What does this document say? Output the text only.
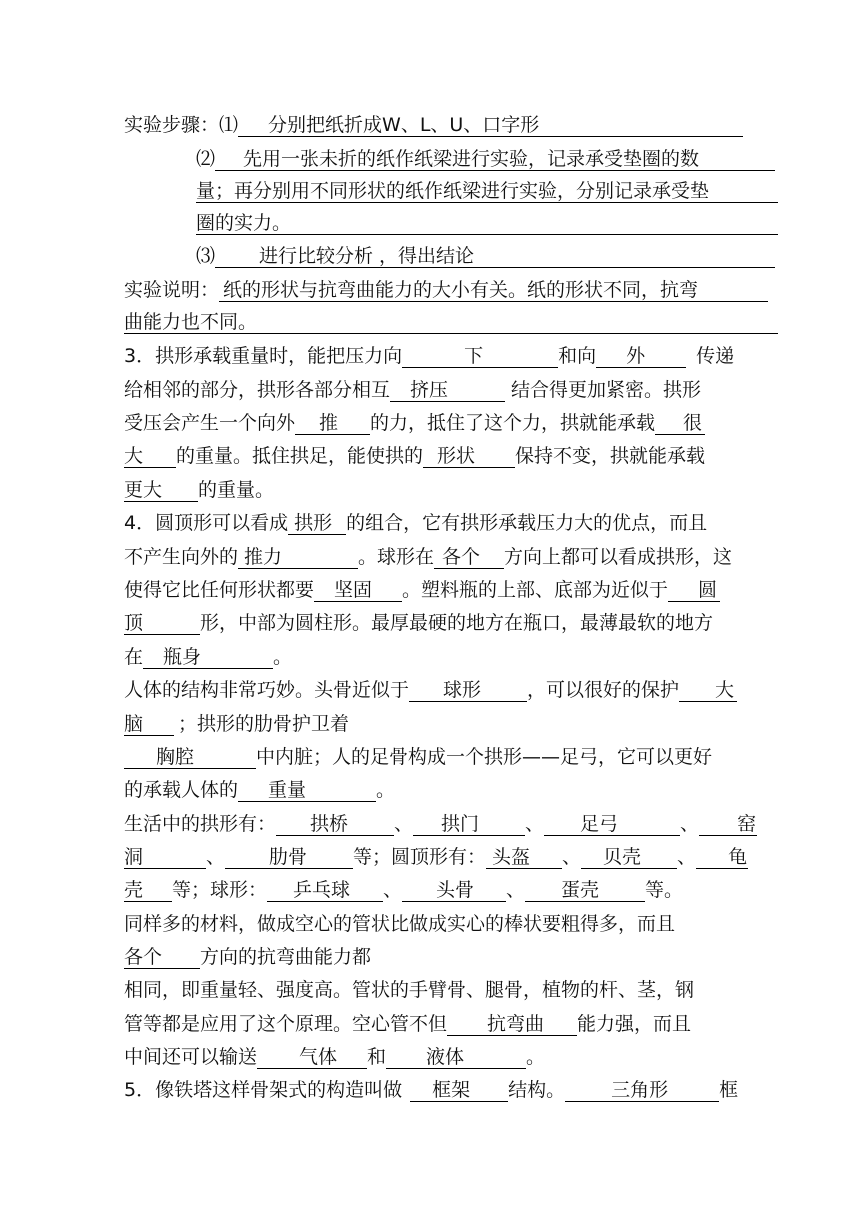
实验步骤：⑴ 分别把纸折成W、L、U、口字形
⑵ 先用一张未折的纸作纸梁进行实验，记录承受垫圈的数
量；再分别用不同形状的纸作纸梁进行实验，分别记录承受垫
圈的实力。
⑶ 进行比较分析 ，得出结论
实验说明： 纸的形状与抗弯曲能力的大小有关。纸的形状不同，抗弯
曲能力也不同。
3．拱形承载重量时，能把压力向	下	和向 外	传递
给相邻的部分，拱形各部分相互 挤压	结合得更加紧密。拱形
受压会产生一个向外 推 的力，抵住了这个力，拱就能承载 很
大 的重量。抵住拱足，能使拱的 形状 保持不变，拱就能承载
更大 的重量。
4．圆顶形可以看成 拱形 的组合，它有拱形承载压力大的优点，而且
不产生向外的 推力	。球形在 各个 方向上都可以看成拱形，这
使得它比任何形状都要 坚固 。塑料瓶的上部、底部为近似于 圆
顶	形，中部为圆柱形。最厚最硬的地方在瓶口，最薄最软的地方
在 瓶身	。
人体的结构非常巧妙。头骨近似于 球形 ，可以很好的保护 大
脑 ；拱形的肋骨护卫着
胸腔	中内脏；人的足骨构成一个拱形——足弓，它可以更好
的承载人体的 重量	。
生活中的拱形有： 拱桥 、 拱门 、 足弓	、 窑
洞	、 肋骨 等；圆顶形有： 头盔 、 贝壳 、 龟
壳 等；球形： 乒乓球 、 头骨 、 蛋壳 等。
同样多的材料，做成空心的管状比做成实心的棒状要粗得多，而且
各个 方向的抗弯曲能力都
相同，即重量轻、强度高。管状的手臂骨、腿骨，植物的杆、茎，钢
管等都是应用了这个原理。空心管不但 抗弯曲 能力强，而且
中间还可以输送 气体 和 液体	。
5．像铁塔这样骨架式的构造叫做 框架 结构。 三角形	框
